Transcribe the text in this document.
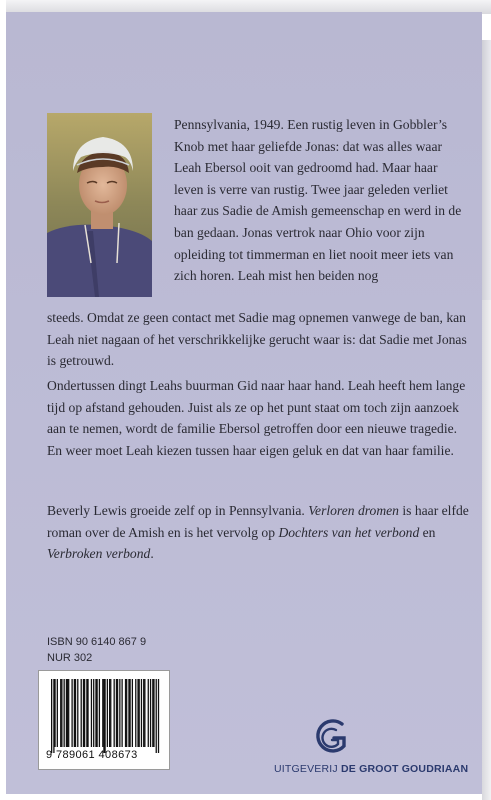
Pennsylvania, 1949. Een rustig leven in Gobbler’s Knob met haar geliefde Jonas: dat was alles waar Leah Ebersol ooit van gedroomd had. Maar haar leven is verre van rustig. Twee jaar geleden verliet haar zus Sadie de Amish gemeenschap en werd in de ban gedaan. Jonas vertrok naar Ohio voor zijn opleiding tot timmerman en liet nooit meer iets van zich horen. Leah mist hen beiden nog

steeds. Omdat ze geen contact met Sadie mag opnemen vanwege de ban, kan Leah niet nagaan of het verschrikkelijke gerucht waar is: dat Sadie met Jonas is getrouwd.

Ondertussen dingt Leahs buurman Gid naar haar hand. Leah heeft hem lange tijd op afstand gehouden. Juist als ze op het punt staat om toch zijn aanzoek aan te nemen, wordt de familie Ebersol getroffen door een nieuwe tragedie. En weer moet Leah kiezen tussen haar eigen geluk en dat van haar familie.

Beverly Lewis groeide zelf op in Pennsylvania. Verloren dromen is haar elfde roman over de Amish en is het vervolg op Dochters van het verbond en Verbroken verbond.

ISBN 90 6140 867 9
NUR 302
9 789061 408673
UITGEVERIJ DE GROOT GOUDRIAAN
